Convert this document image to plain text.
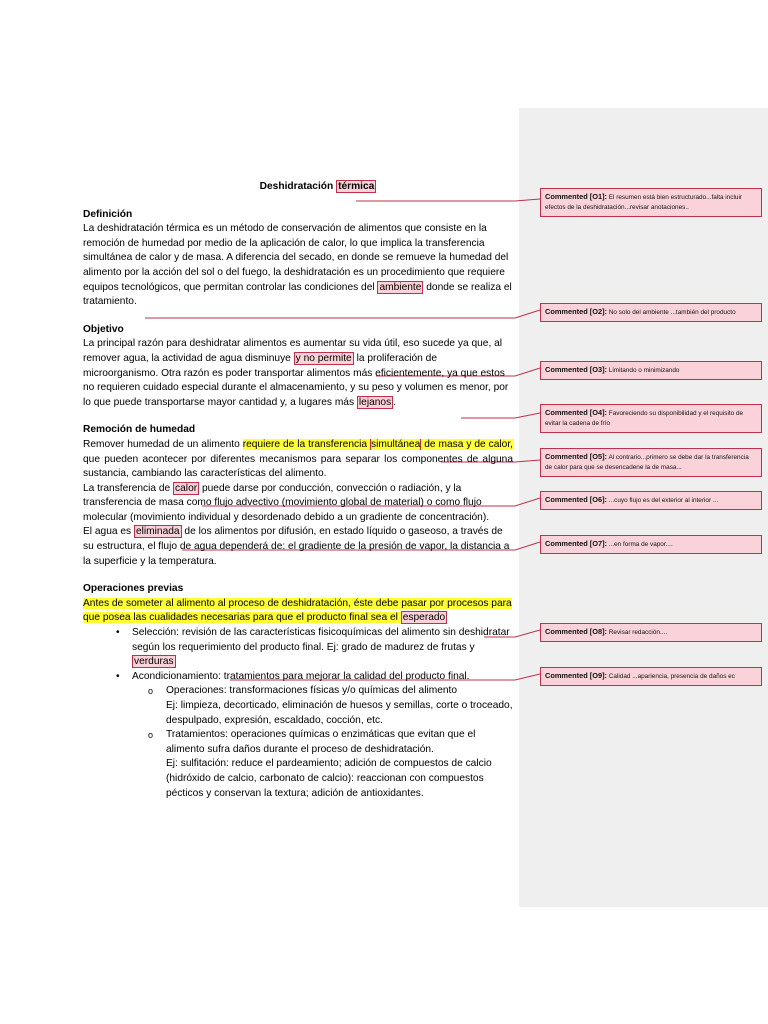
Deshidratación térmica

Definición

La deshidratación térmica es un método de conservación de alimentos que consiste en la remoción de humedad por medio de la aplicación de calor, lo que implica la transferencia simultánea de calor y de masa. A diferencia del secado, en donde se remueve la humedad del alimento por la acción del sol o del fuego, la deshidratación es un procedimiento que requiere equipos tecnológicos, que permitan controlar las condiciones del ambiente donde se realiza el tratamiento.

Objetivo

La principal razón para deshidratar alimentos es aumentar su vida útil, eso sucede ya que, al remover agua, la actividad de agua disminuye y no permite la proliferación de microorganismo. Otra razón es poder transportar alimentos más eficientemente, ya que estos no requieren cuidado especial durante el almacenamiento, y su peso y volumen es menor, por lo que puede transportarse mayor cantidad y, a lugares más lejanos .

Remoción de humedad

Remover humedad de un alimento requiere de la transferencia simultánea de masa y de calor, que pueden acontecer por diferentes mecanismos para separar los componentes de alguna sustancia, cambiando las características del alimento.

La transferencia de calor puede darse por conducción, convección o radiación, y la transferencia de masa como flujo advectivo (movimiento global de material) o como flujo molecular (movimiento individual y desordenado debido a un gradiente de concentración).

El agua es eliminada de los alimentos por difusión, en estado líquido o gaseoso, a través de su estructura, el flujo de agua dependerá de: el gradiente de la presión de vapor, la distancia a la superficie y la temperatura.

Operaciones previas

Antes de someter al alimento al proceso de deshidratación, éste debe pasar por procesos para que posea las cualidades necesarias para que el producto final sea el esperado

• Selección: revisión de las características fisicoquímicas del alimento sin deshidratar según los requerimiento del producto final. Ej: grado de madurez de frutas y verduras
• Acondicionamiento: tratamientos para mejorar la calidad del producto final.
o Operaciones: transformaciones físicas y/o químicas del alimento
Ej: limpieza, decorticado, eliminación de huesos y semillas, corte o troceado, despulpado, expresión, escaldado, cocción, etc.
o Tratamientos: operaciones químicas o enzimáticas que evitan que el alimento sufra daños durante el proceso de deshidratación.
Ej: sulfitación: reduce el pardeamiento; adición de compuestos de calcio (hidróxido de calcio, carbonato de calcio): reaccionan con compuestos pécticos y conservan la textura; adición de antioxidantes.
Commented [O1]: El resumen está bien estructurado...falta incluir efectos de la deshidratación...revisar anotaciones..
Commented [O2]: No solo del ambiente ...también del producto
Commented [O3]: Limitando o minimizando
Commented [O4]: Favoreciendo su disponibilidad y el requisito de evitar la cadena de frío
Commented [O5]: Al contrario...primero se debe dar la transferencia de calor para que se desencadene la de masa...
Commented [O6]: ...cuyo flujo es del exterior al interior ...
Commented [O7]: ...en forma de vapor....
Commented [O8]: Revisar redacción....
Commented [O9]: Calidad ...apariencia, presencia de daños ec
